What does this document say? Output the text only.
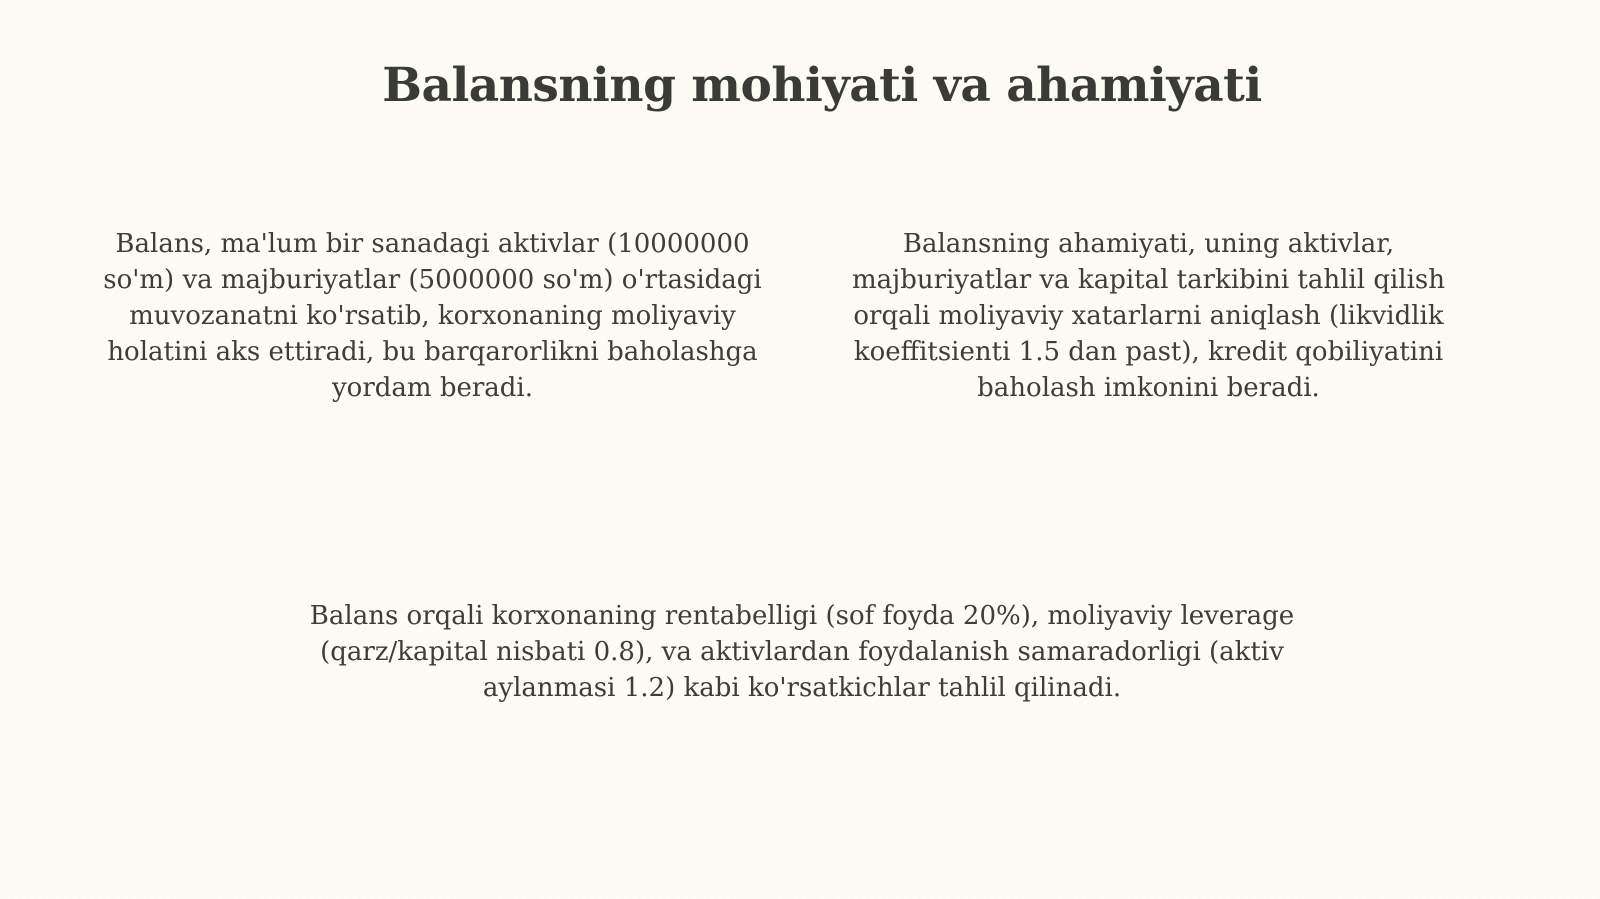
Balansning mohiyati va ahamiyati

Balans, ma'lum bir sanadagi aktivlar (10000000 so'm) va majburiyatlar (5000000 so'm) o'rtasidagi muvozanatni ko'rsatib, korxonaning moliyaviy holatini aks ettiradi, bu barqarorlikni baholashga yordam beradi.

Balansning ahamiyati, uning aktivlar, majburiyatlar va kapital tarkibini tahlil qilish orqali moliyaviy xatarlarni aniqlash (likvidlik koeffitsienti 1.5 dan past), kredit qobiliyatini baholash imkonini beradi.

Balans orqali korxonaning rentabelligi (sof foyda 20%), moliyaviy leverage (qarz/kapital nisbati 0.8), va aktivlardan foydalanish samaradorligi (aktiv aylanmasi 1.2) kabi ko'rsatkichlar tahlil qilinadi.
